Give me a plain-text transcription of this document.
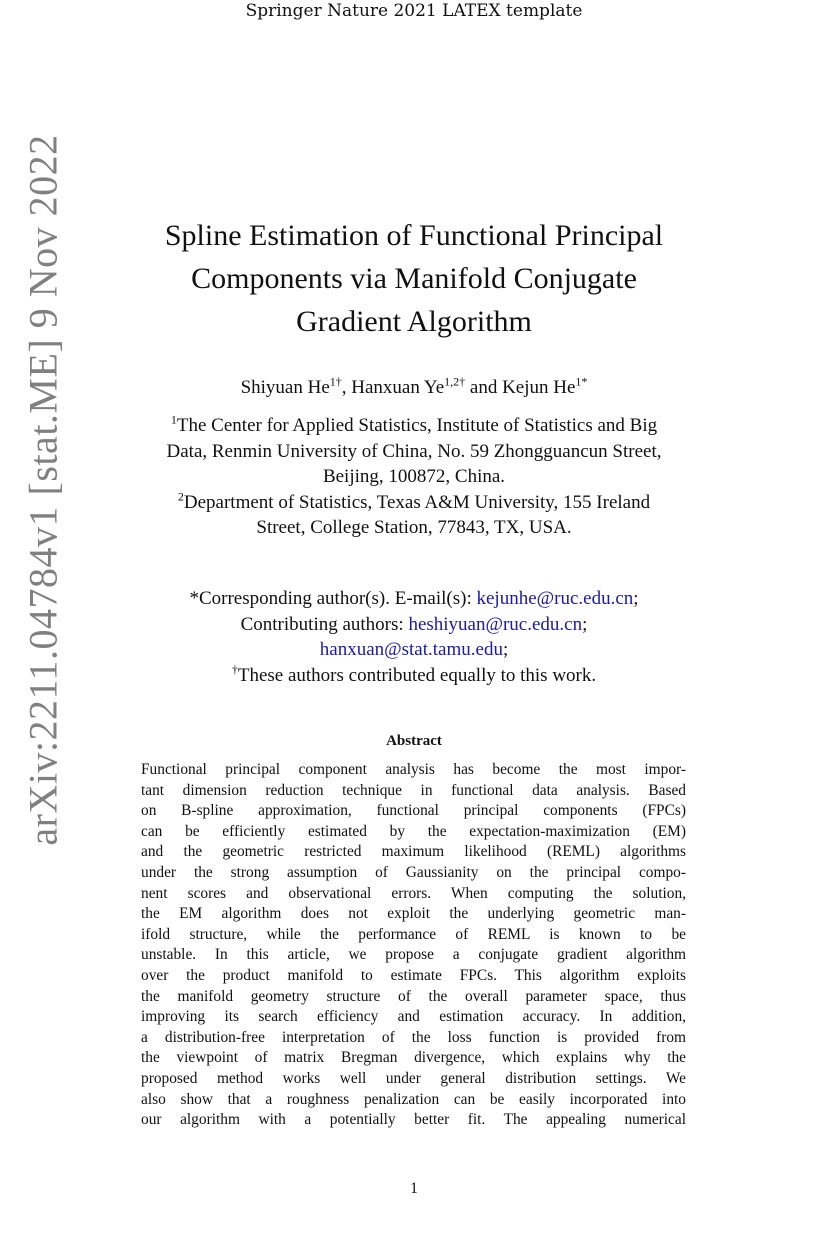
Springer Nature 2021 LATEX template
arXiv:2211.04784v1 [stat.ME] 9 Nov 2022	Spline Estimation of Functional Principal
Components via Manifold Conjugate
Gradient Algorithm
Shiyuan $He^{1\dagger}$, Hanxuan $Ye^{1,2\dagger}$ and Kejun $He^{1*}$

$^1$The Center for Applied Statistics, Institute of Statistics and Big

Data, Renmin University of China, No. 59 Zhongguancun Street,

Beijing, 100872, China.

$^2$Department of Statistics, Texas A&M University, 155 Ireland

Street, College Station, 77843, TX, USA.

*Corresponding author(s). E-mail(s): kejunhe@ruc.edu.cn;

Contributing authors: heshiyuan@ruc.edu.cn;

hanxuan@stat.tamu.edu;

†These authors contributed equally to this work.

Abstract
Functional principal component analysis has become the most impor-
tant dimension reduction technique in functional data analysis. Based
on B-spline approximation, functional principal components (FPCs)
can be efficiently estimated by the expectation-maximization (EM)
and the geometric restricted maximum likelihood (REML) algorithms
under the strong assumption of Gaussianity on the principal compo-
nent scores and observational errors. When computing the solution,
the EM algorithm does not exploit the underlying geometric man-
ifold structure, while the performance of REML is known to be
unstable. In this article, we propose a conjugate gradient algorithm
over the product manifold to estimate FPCs. This algorithm exploits
the manifold geometry structure of the overall parameter space, thus
improving its search efficiency and estimation accuracy. In addition,
a distribution-free interpretation of the loss function is provided from
the viewpoint of matrix Bregman divergence, which explains why the
proposed method works well under general distribution settings. We
also show that a roughness penalization can be easily incorporated into
our algorithm with a potentially better fit. The appealing numerical
1
